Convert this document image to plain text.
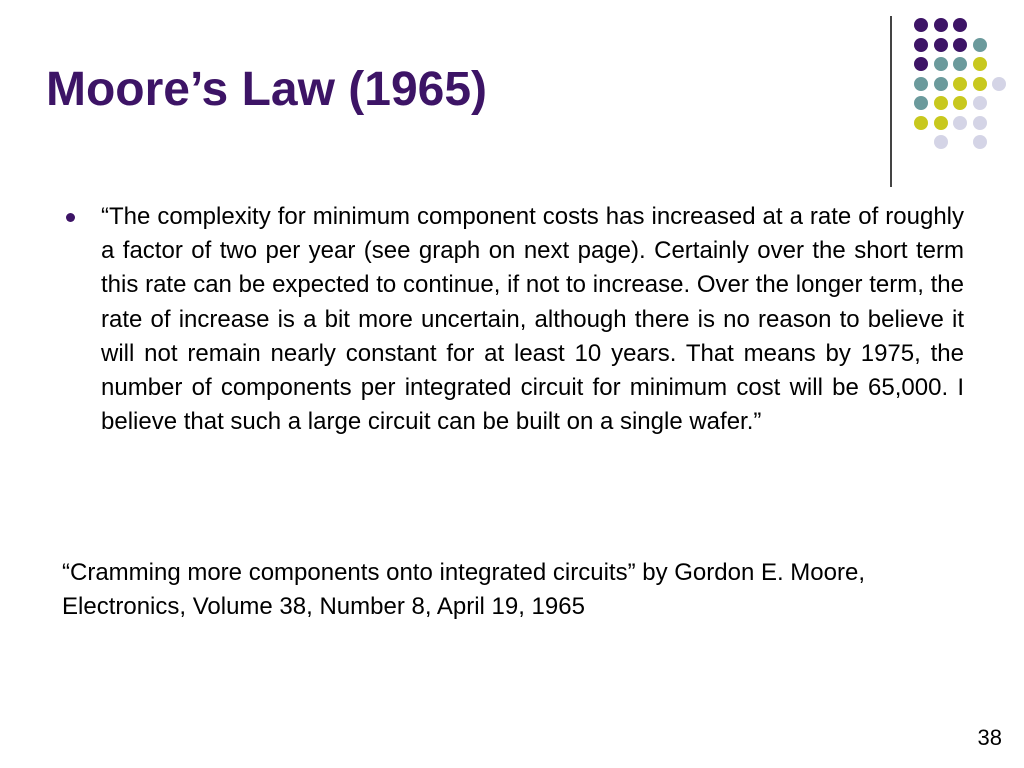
Moore’s Law (1965)
“The complexity for minimum component costs has increased at a rate of roughly a factor of two per year (see graph on next page). Certainly over the short term this rate can be expected to continue, if not to increase. Over the longer term, the rate of increase is a bit more uncertain, although there is no reason to believe it will not remain nearly constant for at least 10 years. That means by 1975, the number of components per integrated circuit for minimum cost will be 65,000. I believe that such a large circuit can be built on a single wafer.”

“Cramming more components onto integrated circuits” by Gordon E. Moore, Electronics, Volume 38, Number 8, April 19, 1965

38
